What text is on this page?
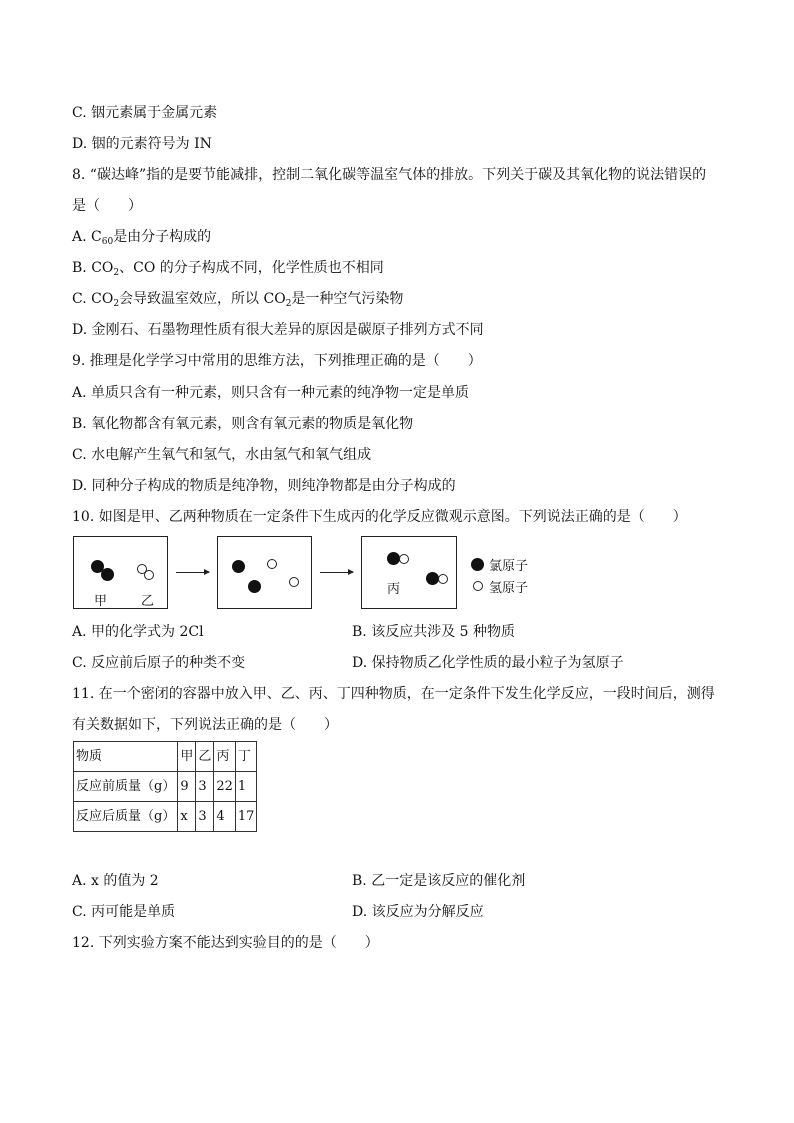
C. 铟元素属于金属元素
D. 铟的元素符号为 IN
8. “碳达峰”指的是要节能减排，控制二氧化碳等温室气体的排放。下列关于碳及其氧化物的说法错误的
是（　　）
A. $C_{60}$是由分子构成的
B. $CO_2$、CO 的分子构成不同，化学性质也不相同
C. $CO_2$会导致温室效应，所以 $CO_2$是一种空气污染物
D. 金刚石、石墨物理性质有很大差异的原因是碳原子排列方式不同
9. 推理是化学学习中常用的思维方法，下列推理正确的是（　　）
A. 单质只含有一种元素，则只含有一种元素的纯净物一定是单质
B. 氧化物都含有氧元素，则含有氧元素的物质是氧化物
C. 水电解产生氧气和氢气，水由氢气和氧气组成
D. 同种分子构成的物质是纯净物，则纯净物都是由分子构成的
10. 如图是甲、乙两种物质在一定条件下生成丙的化学反应微观示意图。下列说法正确的是（　　）
甲	乙
丙
氯原子
氢原子
A. 甲的化学式为 2Cl	B. 该反应共涉及 5 种物质
C. 反应前后原子的种类不变	D. 保持物质乙化学性质的最小粒子为氢原子
11. 在一个密闭的容器中放入甲、乙、丙、丁四种物质，在一定条件下发生化学反应，一段时间后，测得
有关数据如下，下列说法正确的是（　　）
物质	甲	乙	丙	丁
反应前质量（g）	9	3	22	1
反应后质量（g）	x	3	4	17
A. x 的值为 2	B. 乙一定是该反应的催化剂
C. 丙可能是单质	D. 该反应为分解反应
12. 下列实验方案不能达到实验目的的是（　　）
